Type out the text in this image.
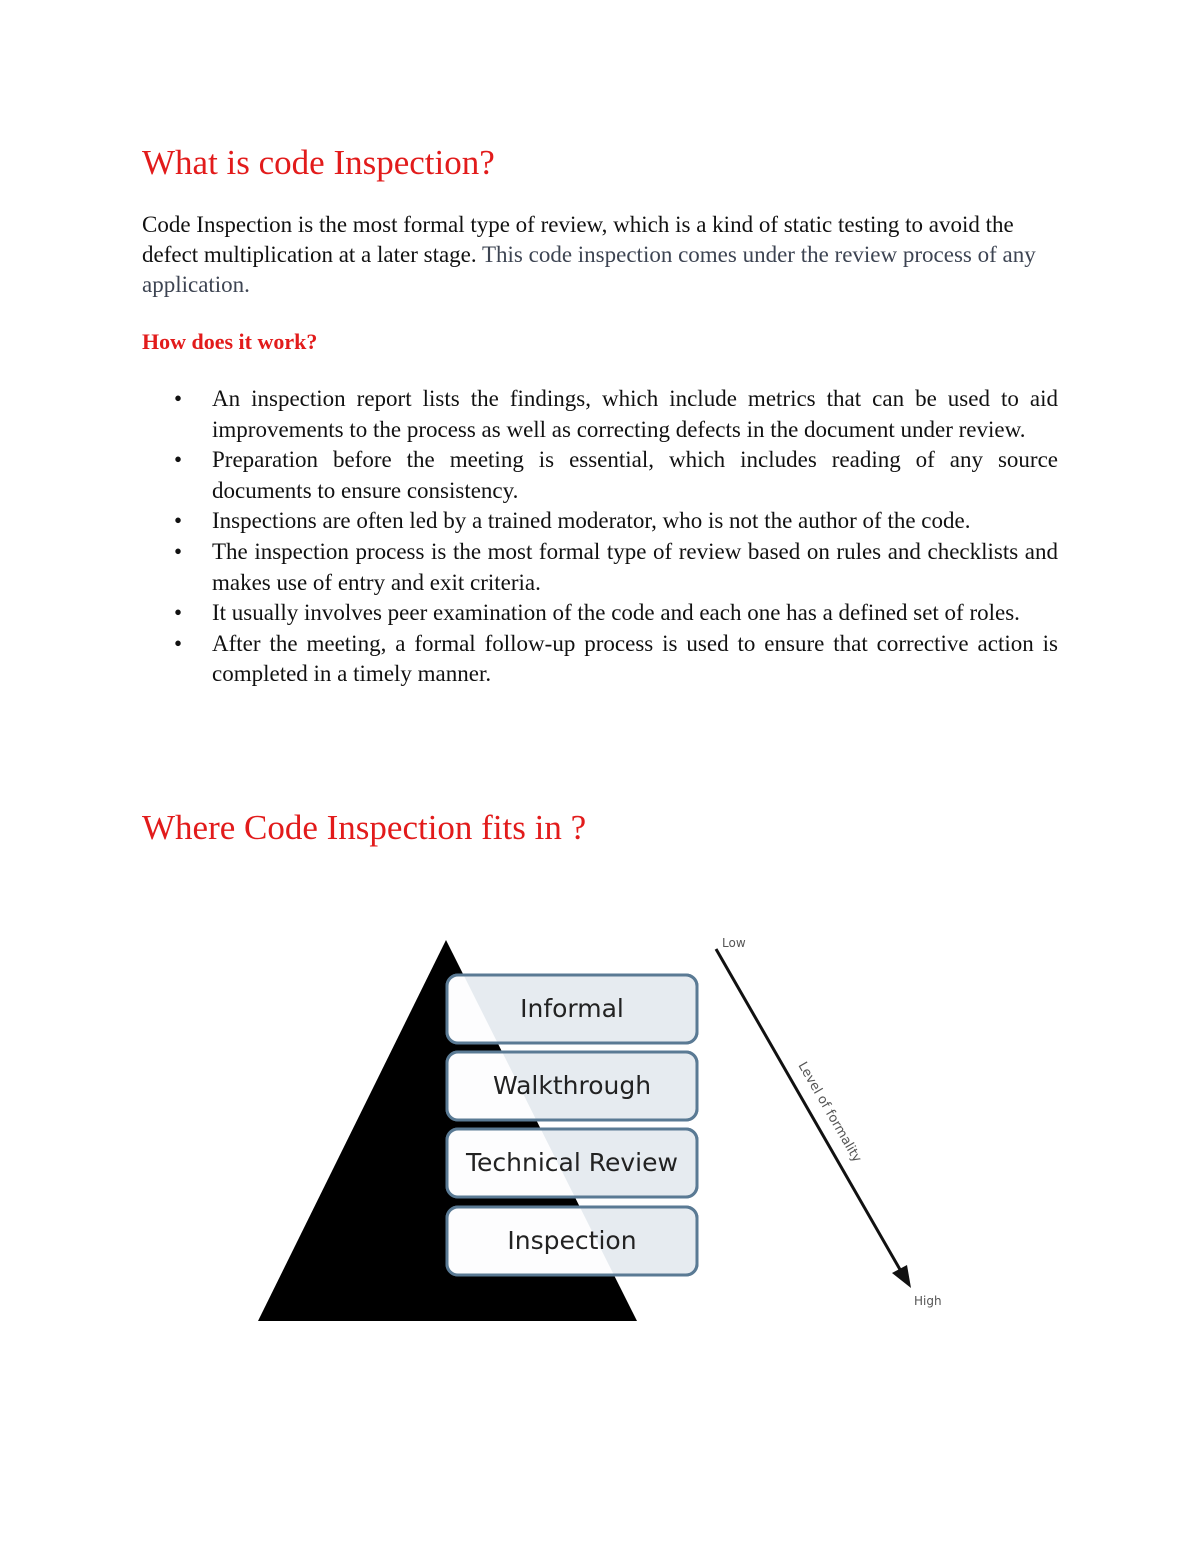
What is code Inspection?

Code Inspection is the most formal type of review, which is a kind of static testing to avoid the defect multiplication at a later stage. This code inspection comes under the review process of any application.

How does it work?
• An inspection report lists the findings, which include metrics that can be used to aid improvements to the process as well as correcting defects in the document under review.
• Preparation before the meeting is essential, which includes reading of any source documents to ensure consistency.
• Inspections are often led by a trained moderator, who is not the author of the code.
• The inspection process is the most formal type of review based on rules and checklists and makes use of entry and exit criteria.
• It usually involves peer examination of the code and each one has a defined set of roles.
• After the meeting, a formal follow-up process is used to ensure that corrective action is completed in a timely manner.
Where Code Inspection fits in ?
Informal
Walkthrough
Technical Review
Inspection
Low
High
Level of formality
